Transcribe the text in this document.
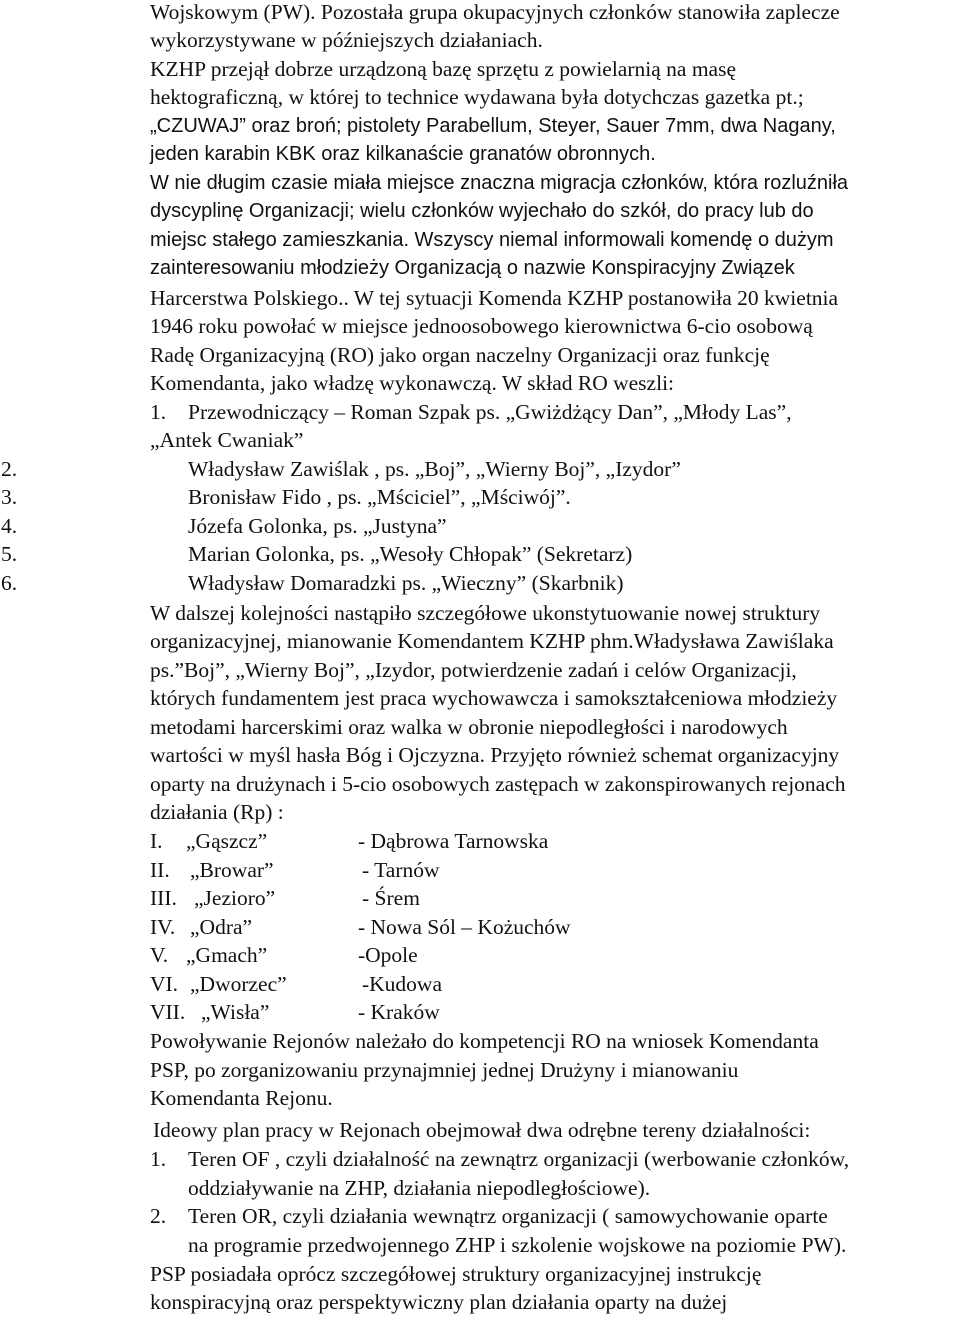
Wojskowym (PW). Pozostała grupa okupacyjnych członków stanowiła zaplecze
wykorzystywane w późniejszych działaniach.
KZHP przejął dobrze urządzoną bazę sprzętu z powielarnią na masę
hektograficzną, w której to technice wydawana była dotychczas gazetka pt.;
„CZUWAJ” oraz broń; pistolety Parabellum, Steyer, Sauer 7mm, dwa Nagany,
jeden karabin KBK oraz kilkanaście granatów obronnych.
W nie długim czasie miała miejsce znaczna migracja członków, która rozluźniła
dyscyplinę Organizacji; wielu członków wyjechało do szkół, do pracy lub do
miejsc stałego zamieszkania. Wszyscy niemal informowali komendę o dużym
zainteresowaniu młodzieży Organizacją o nazwie Konspiracyjny Związek
Harcerstwa Polskiego.. W tej sytuacji Komenda KZHP postanowiła 20 kwietnia
1946 roku powołać w miejsce jednoosobowego kierownictwa 6-cio osobową
Radę Organizacyjną (RO) jako organ naczelny Organizacji oraz funkcję
Komendanta, jako władzę wykonawczą. W skład RO weszli:
1. Przewodniczący – Roman Szpak ps. „Gwiżdżący Dan”, „Młody Las”,
„Antek Cwaniak”
2.	Władysław Zawiślak , ps. „Boj”, „Wierny Boj”, „Izydor”
3.	Bronisław Fido , ps. „Mściciel”, „Mściwój”.
4.	Józefa Golonka, ps. „Justyna”
5.	Marian Golonka, ps. „Wesoły Chłopak” (Sekretarz)
6.	Władysław Domaradzki ps. „Wieczny” (Skarbnik)
W dalszej kolejności nastąpiło szczegółowe ukonstytuowanie nowej struktury
organizacyjnej, mianowanie Komendantem KZHP phm.Władysława Zawiślaka
ps.”Boj”, „Wierny Boj”, „Izydor, potwierdzenie zadań i celów Organizacji,
których fundamentem jest praca wychowawcza i samokształceniowa młodzieży
metodami harcerskimi oraz walka w obronie niepodległości i narodowych
wartości w myśl hasła Bóg i Ojczyzna. Przyjęto również schemat organizacyjny
oparty na drużynach i 5-cio osobowych zastępach w zakonspirowanych rejonach
działania (Rp) :
I. „Gąszcz”	- Dąbrowa Tarnowska
II. „Browar”	- Tarnów
III. „Jezioro”	- Śrem
IV. „Odra”	- Nowa Sól – Kożuchów
V. „Gmach”	-Opole
VI. „Dworzec”	-Kudowa
VII. „Wisła”	- Kraków
Powoływanie Rejonów należało do kompetencji RO na wniosek Komendanta
PSP, po zorganizowaniu przynajmniej jednej Drużyny i mianowaniu
Komendanta Rejonu.
Ideowy plan pracy w Rejonach obejmował dwa odrębne tereny działalności:
1. Teren OF , czyli działalność na zewnątrz organizacji (werbowanie członków,
oddziaływanie na ZHP, działania niepodległościowe).
2. Teren OR, czyli działania wewnątrz organizacji ( samowychowanie oparte
na programie przedwojennego ZHP i szkolenie wojskowe na poziomie PW).
PSP posiadała oprócz szczegółowej struktury organizacyjnej instrukcję
konspiracyjną oraz perspektywiczny plan działania oparty na dużej
